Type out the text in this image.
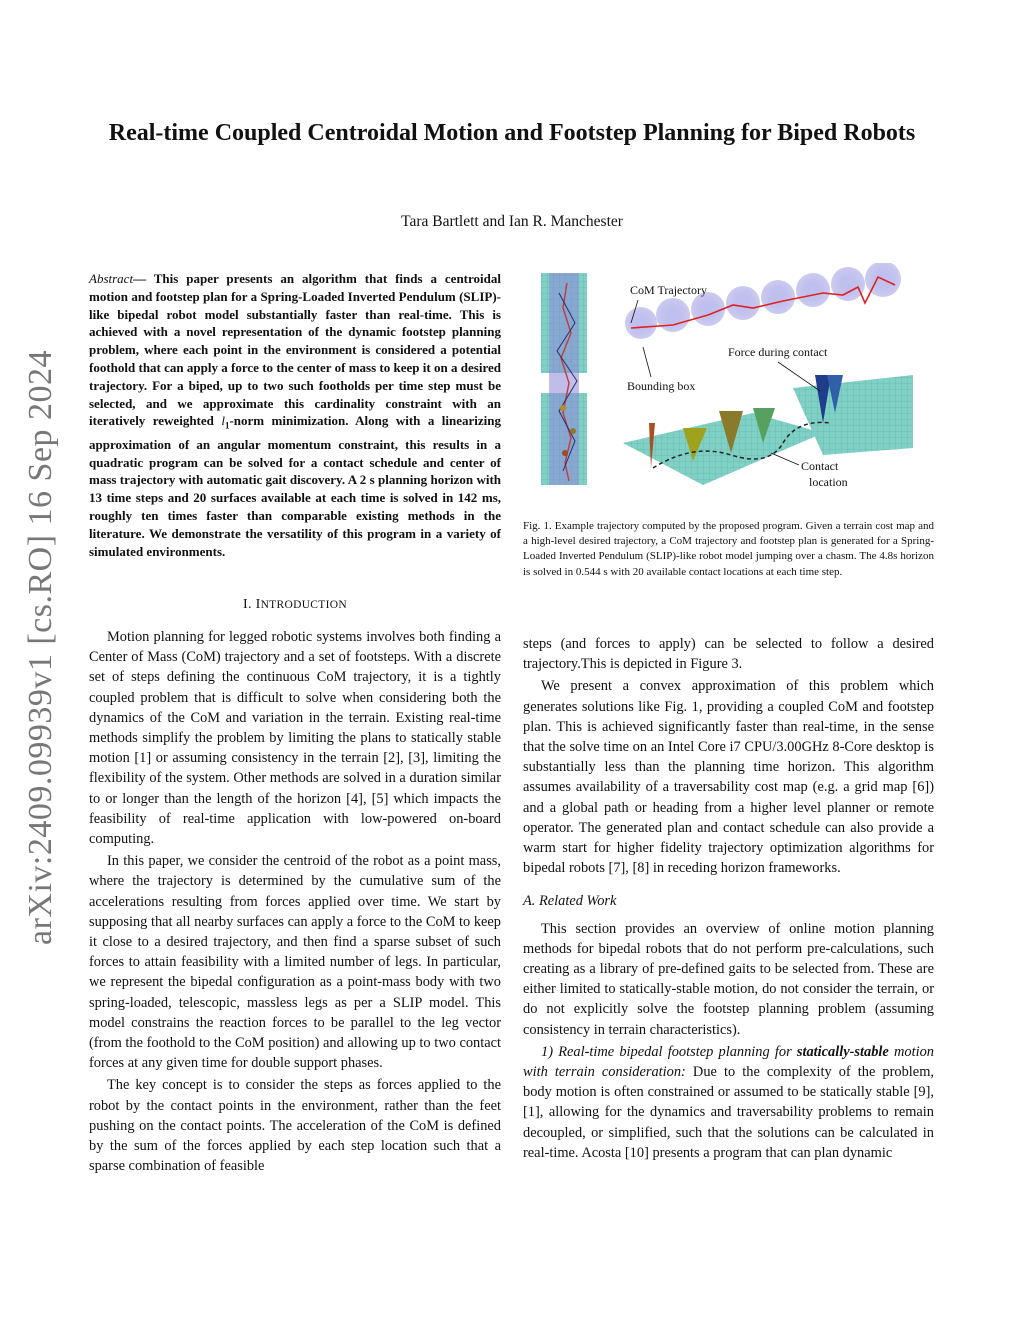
arXiv:2409.09939v1 [cs.RO] 16 Sep 2024
Real-time Coupled Centroidal Motion and Footstep Planning for Biped Robots
Tara Bartlett and Ian R. Manchester
Abstract— This paper presents an algorithm that finds a centroidal motion and footstep plan for a Spring-Loaded Inverted Pendulum (SLIP)-like bipedal robot model substantially faster than real-time. This is achieved with a novel representation of the dynamic footstep planning problem, where each point in the environment is considered a potential foothold that can apply a force to the center of mass to keep it on a desired trajectory. For a biped, up to two such footholds per time step must be selected, and we approximate this cardinality constraint with an iteratively reweighted $l_1$-norm minimization. Along with a linearizing approximation of an angular momentum constraint, this results in a quadratic program can be solved for a contact schedule and center of mass trajectory with automatic gait discovery. A 2 s planning horizon with 13 time steps and 20 surfaces available at each time is solved in 142 ms, roughly ten times faster than comparable existing methods in the literature. We demonstrate the versatility of this program in a variety of simulated environments.
I. INTRODUCTION

Motion planning for legged robotic systems involves both finding a Center of Mass (CoM) trajectory and a set of footsteps. With a discrete set of steps defining the continuous CoM trajectory, it is a tightly coupled problem that is difficult to solve when considering both the dynamics of the CoM and variation in the terrain. Existing real-time methods simplify the problem by limiting the plans to statically stable motion [1] or assuming consistency in the terrain [2], [3], limiting the flexibility of the system. Other methods are solved in a duration similar to or longer than the length of the horizon [4], [5] which impacts the feasibility of real-time application with low-powered on-board computing.

In this paper, we consider the centroid of the robot as a point mass, where the trajectory is determined by the cumulative sum of the accelerations resulting from forces applied over time. We start by supposing that all nearby surfaces can apply a force to the CoM to keep it close to a desired trajectory, and then find a sparse subset of such forces to attain feasibility with a limited number of legs. In particular, we represent the bipedal configuration as a point-mass body with two spring-loaded, telescopic, massless legs as per a SLIP model. This model constrains the reaction forces to be parallel to the leg vector (from the foothold to the CoM position) and allowing up to two contact forces at any given time for double support phases.

The key concept is to consider the steps as forces applied to the robot by the contact points in the environment, rather than the feet pushing on the contact points. The acceleration of the CoM is defined by the sum of the forces applied by each step location such that a sparse combination of feasible

CoM Trajectory
Force during contact
Bounding box
Contact
location

Fig. 1. Example trajectory computed by the proposed program. Given a terrain cost map and a high-level desired trajectory, a CoM trajectory and footstep plan is generated for a Spring-Loaded Inverted Pendulum (SLIP)-like robot model jumping over a chasm. The 4.8s horizon is solved in 0.544 s with 20 available contact locations at each time step.

steps (and forces to apply) can be selected to follow a desired trajectory.This is depicted in Figure 3.

We present a convex approximation of this problem which generates solutions like Fig. 1, providing a coupled CoM and footstep plan. This is achieved significantly faster than real-time, in the sense that the solve time on an Intel Core i7 CPU/3.00GHz 8-Core desktop is substantially less than the planning time horizon. This algorithm assumes availability of a traversability cost map (e.g. a grid map [6]) and a global path or heading from a higher level planner or remote operator. The generated plan and contact schedule can also provide a warm start for higher fidelity trajectory optimization algorithms for bipedal robots [7], [8] in receding horizon frameworks.

A. Related Work

This section provides an overview of online motion planning methods for bipedal robots that do not perform pre-calculations, such creating as a library of pre-defined gaits to be selected from. These are either limited to statically-stable motion, do not consider the terrain, or do not explicitly solve the footstep planning problem (assuming consistency in terrain characteristics).

1) Real-time bipedal footstep planning for statically-stable motion with terrain consideration: Due to the complexity of the problem, body motion is often constrained or assumed to be statically stable [9], [1], allowing for the dynamics and traversability problems to remain decoupled, or simplified, such that the solutions can be calculated in real-time. Acosta [10] presents a program that can plan dynamic
